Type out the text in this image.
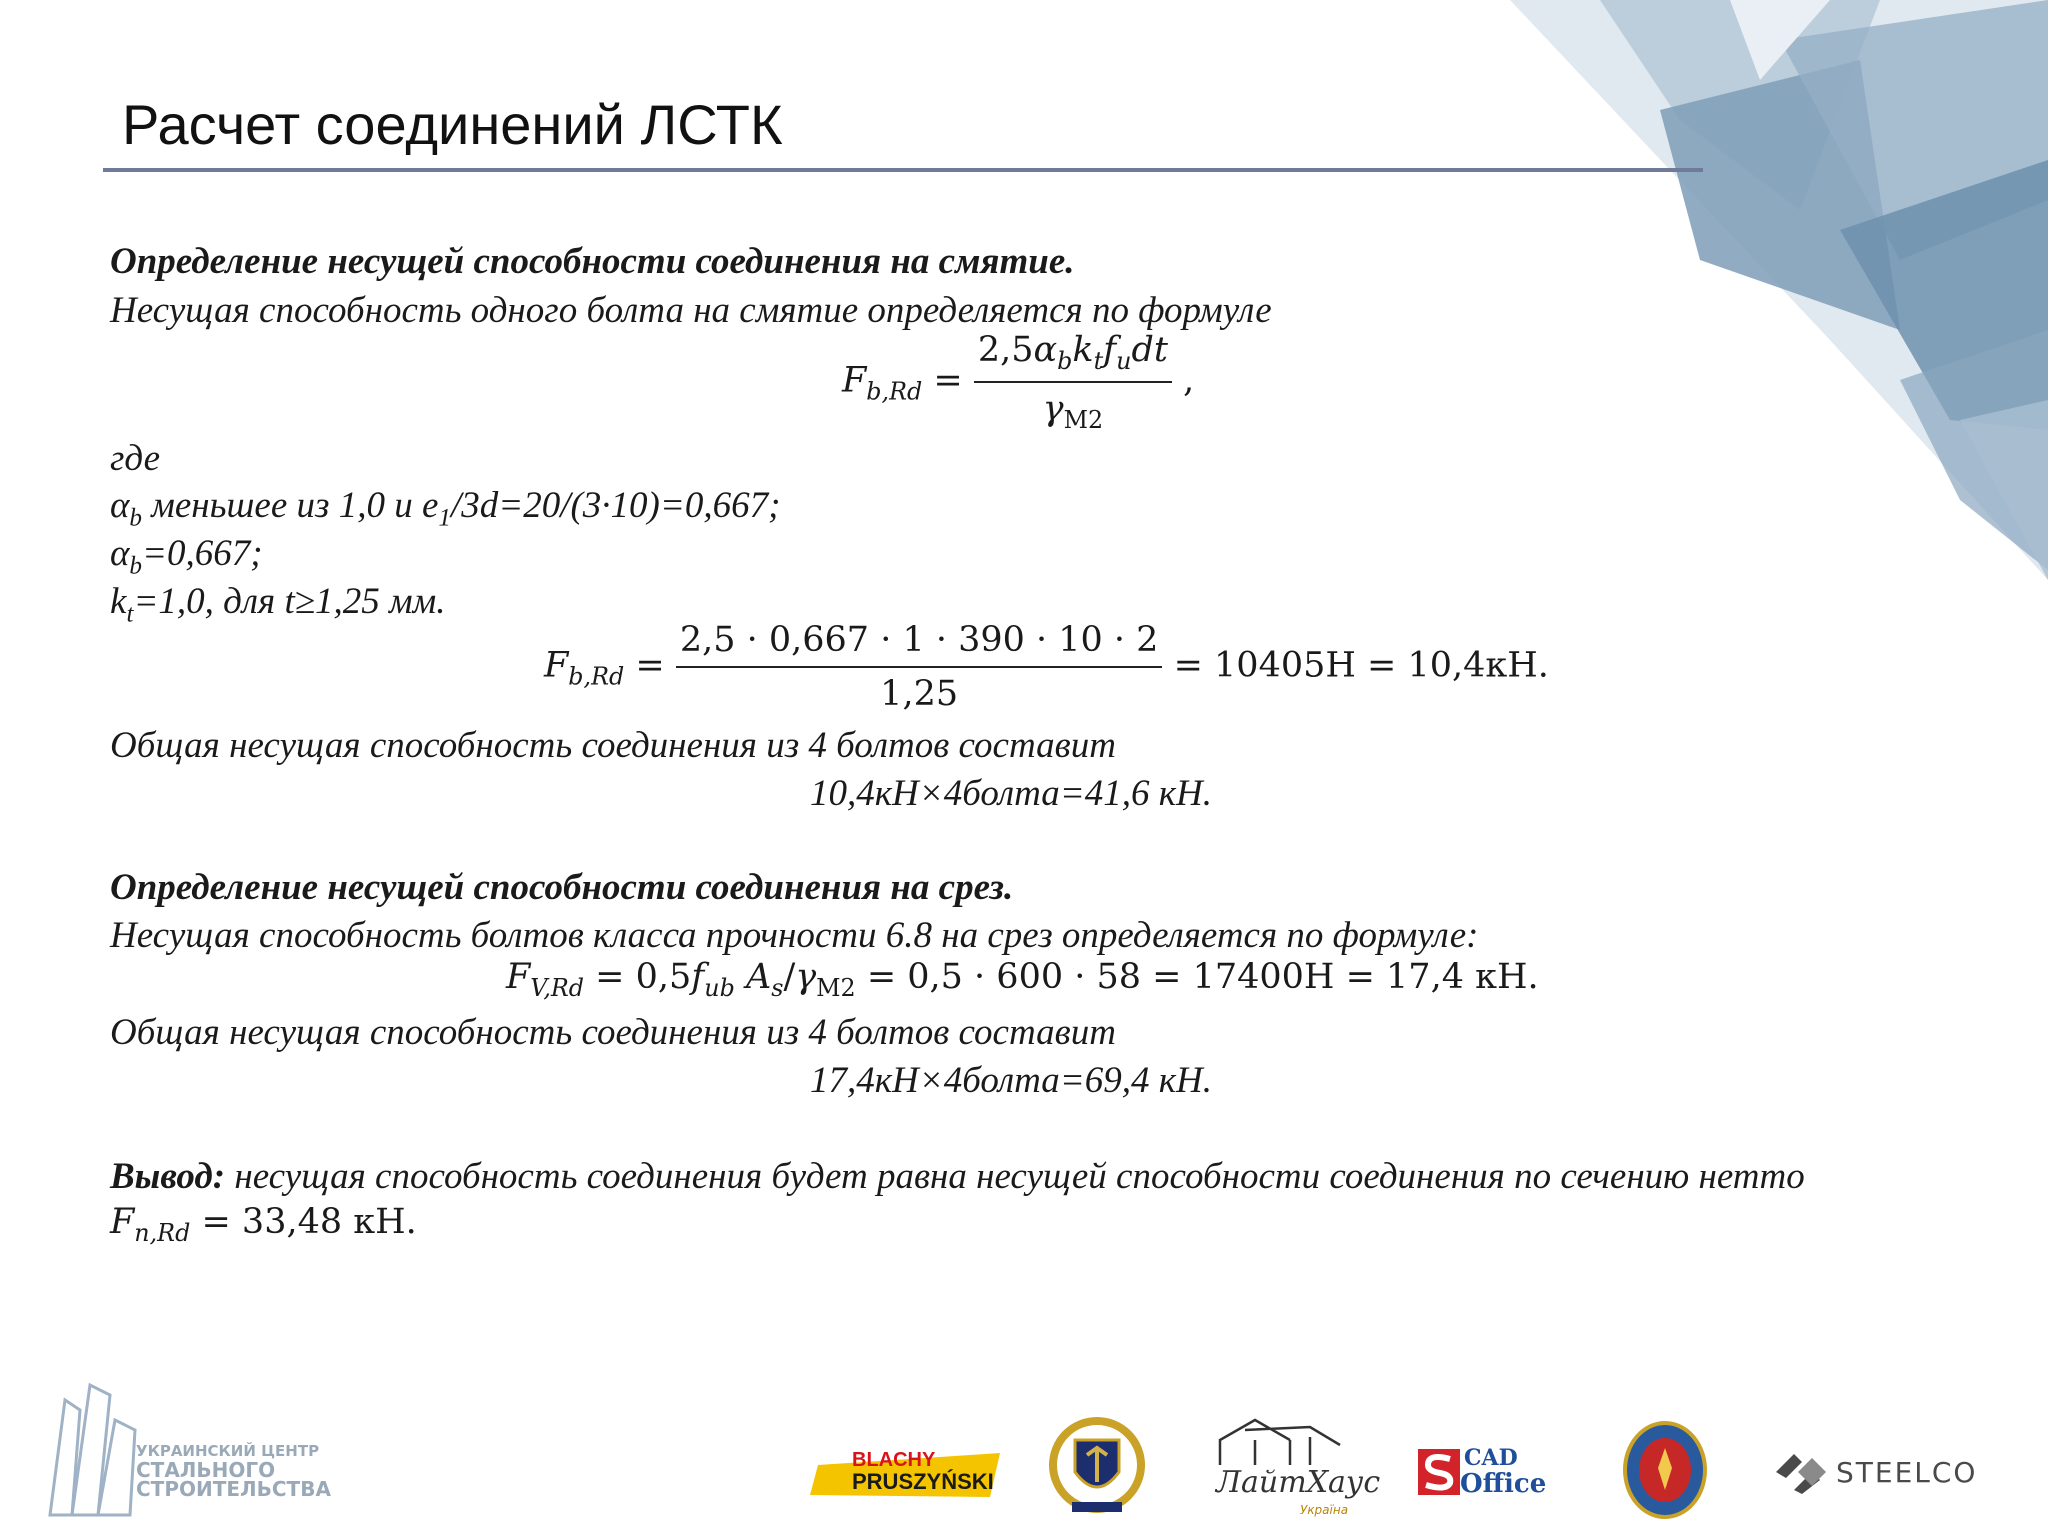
Расчет соединений ЛСТК
Определение несущей способности соединения на смятие.
Несущая способность одного болта на смятие определяется по формуле
$F_{b,Rd} = \frac{2,5\alpha_bk_tf_udt}{\gamma_{M2}}$ ,
где
$\alpha_b$ меньшее из 1,0 и $e_1/3d=20/(3\cdot 10)=0,667$;
$\alpha_b=0,667$;
$k_t=1,0$, для t≥1,25 мм.
$F_{b,Rd} = \frac{2,5 \cdot 0,667 \cdot 1 \cdot 390 \cdot 10 \cdot 2}{1,25} = 10405Н = 10,4кН$.
Общая несущая способность соединения из 4 болтов составит
10,4кН×4болта=41,6 кН.
Определение несущей способности соединения на срез.
Несущая способность болтов класса прочности 6.8 на срез определяется по формуле:
$F_{V,Rd} = 0,5f_{ub}$ $A_s/\gamma_{M2} = 0,5 \cdot 600 \cdot 58 = 17400Н = 17,4$ кН.
Общая несущая способность соединения из 4 болтов составит
17,4кН×4болта=69,4 кН.
Вывод: несущая способность соединения будет равна несущей способности соединения по сечению нетто
$F_{n,Rd} = 33,48$ кН.
УКРАИНСКИЙ ЦЕНТР
СТАЛЬНОГО
СТРОИТЕЛЬСТВА
BLACHY
PRUSZYŃSKI	ЛайтХаус
Україна
CAD
Office	STEELCO
